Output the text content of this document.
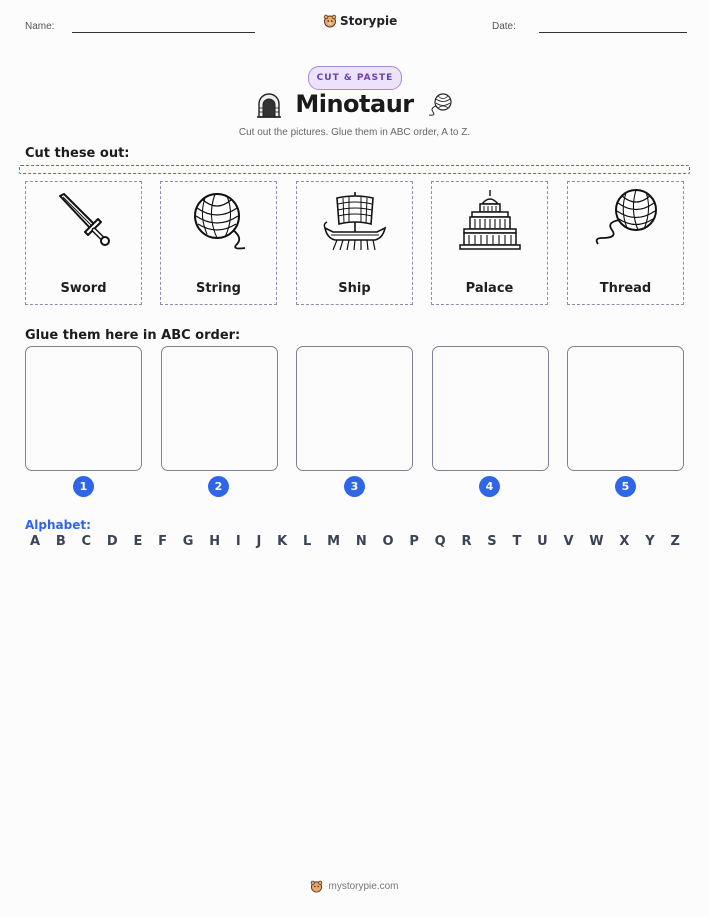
Name:	Storypie	Date:
CUT & PASTE
Minotaur
Cut out the pictures. Glue them in ABC order, A to Z.
Cut these out:
Sword	String	Ship	Palace	Thread
Glue them here in ABC order:
1	2	3	4	5
Alphabet:
A B C D E F G H I J K L M N O P Q R S T U V W X Y Z
mystorypie.com
